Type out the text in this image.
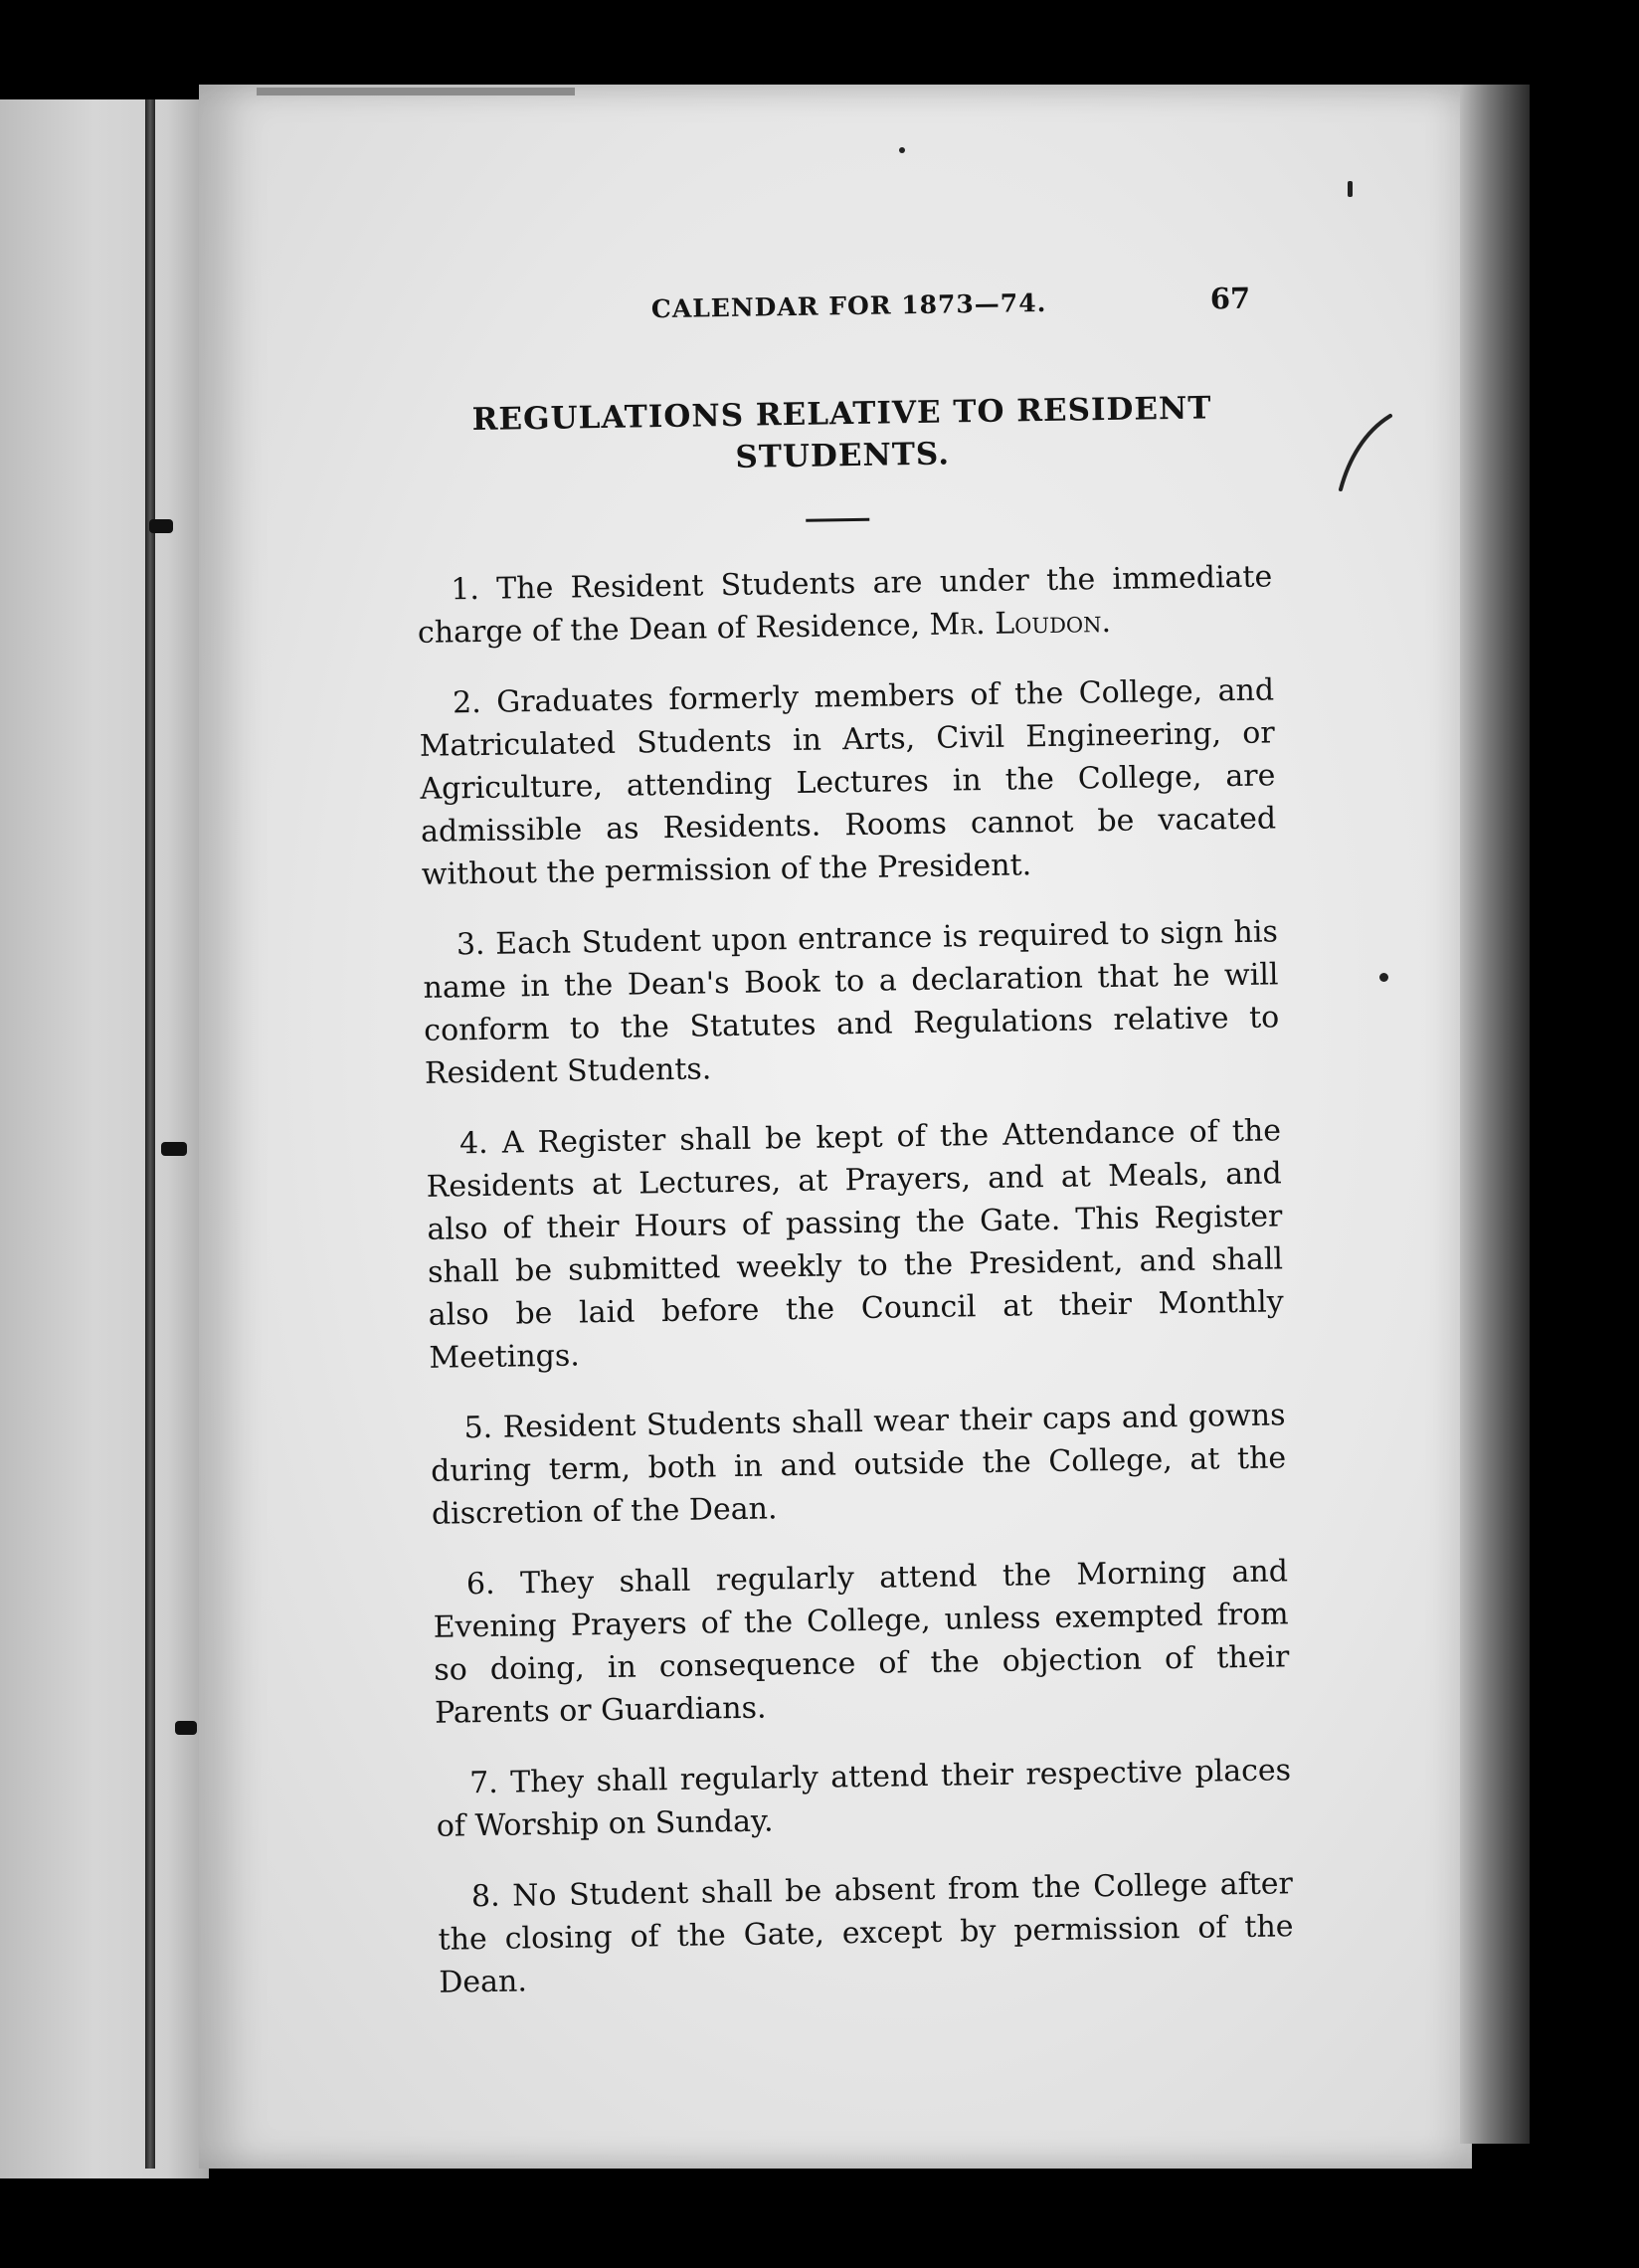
CALENDAR FOR 1873—74.	67
REGULATIONS RELATIVE TO RESIDENT STUDENTS.

1. The Resident Students are under the immediate charge of the Dean of Residence, Mr. Loudon.

2. Graduates formerly members of the College, and Matriculated Students in Arts, Civil Engineering, or Agriculture, attending Lectures in the College, are admissible as Residents. Rooms cannot be vacated without the permission of the President.

3. Each Student upon entrance is required to sign his name in the Dean's Book to a declaration that he will conform to the Statutes and Regulations relative to Resident Students.

4. A Register shall be kept of the Attendance of the Residents at Lectures, at Prayers, and at Meals, and also of their Hours of passing the Gate. This Register shall be submitted weekly to the President, and shall also be laid before the Council at their Monthly Meetings.

5. Resident Students shall wear their caps and gowns during term, both in and outside the College, at the discretion of the Dean.

6. They shall regularly attend the Morning and Evening Prayers of the College, unless exempted from so doing, in consequence of the objection of their Parents or Guardians.

7. They shall regularly attend their respective places of Worship on Sunday.

8. No Student shall be absent from the College after the closing of the Gate, except by permission of the Dean.
